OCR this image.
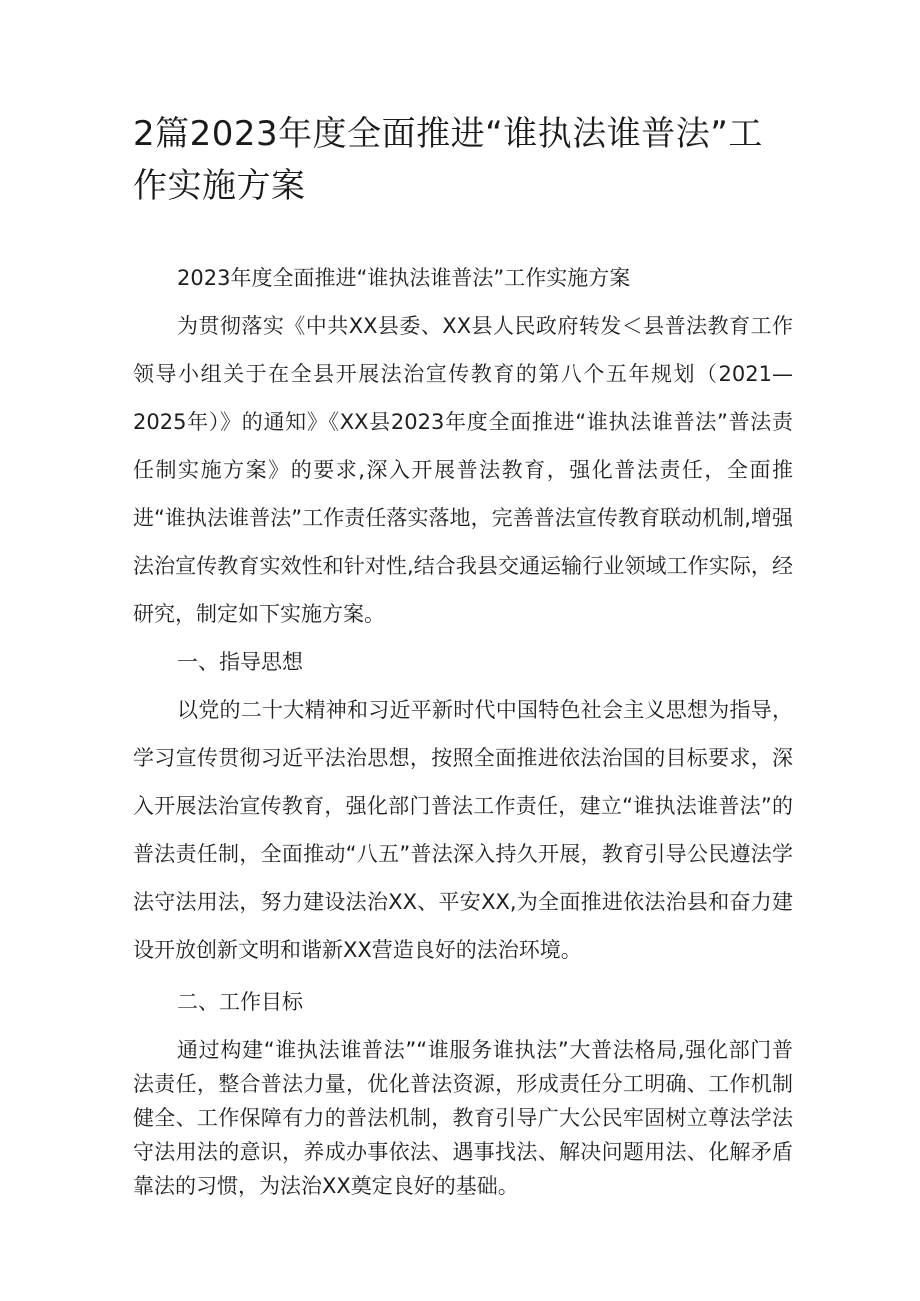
2篇2023年度全面推进“谁执法谁普法”工作实施方案

2023年度全面推进“谁执法谁普法”工作实施方案

为贯彻落实《中共XX县委、XX县人民政府转发＜县普法教育工作领导小组关于在全县开展法治宣传教育的第八个五年规划（2021—2025年）》的通知》《XX县2023年度全面推进“谁执法谁普法”普法责任制实施方案》的要求,深入开展普法教育，强化普法责任，全面推进“谁执法谁普法”工作责任落实落地，完善普法宣传教育联动机制,增强法治宣传教育实效性和针对性,结合我县交通运输行业领域工作实际，经研究，制定如下实施方案。

一、指导思想

以党的二十大精神和习近平新时代中国特色社会主义思想为指导，学习宣传贯彻习近平法治思想，按照全面推进依法治国的目标要求，深入开展法治宣传教育，强化部门普法工作责任，建立“谁执法谁普法”的普法责任制，全面推动“八五”普法深入持久开展，教育引导公民遵法学法守法用法，努力建设法治XX、平安XX,为全面推进依法治县和奋力建设开放创新文明和谐新XX营造良好的法治环境。

二、工作目标

通过构建“谁执法谁普法”“谁服务谁执法”大普法格局,强化部门普法责任，整合普法力量，优化普法资源，形成责任分工明确、工作机制健全、工作保障有力的普法机制，教育引导广大公民牢固树立尊法学法守法用法的意识，养成办事依法、遇事找法、解决问题用法、化解矛盾靠法的习惯，为法治XX奠定良好的基础。
